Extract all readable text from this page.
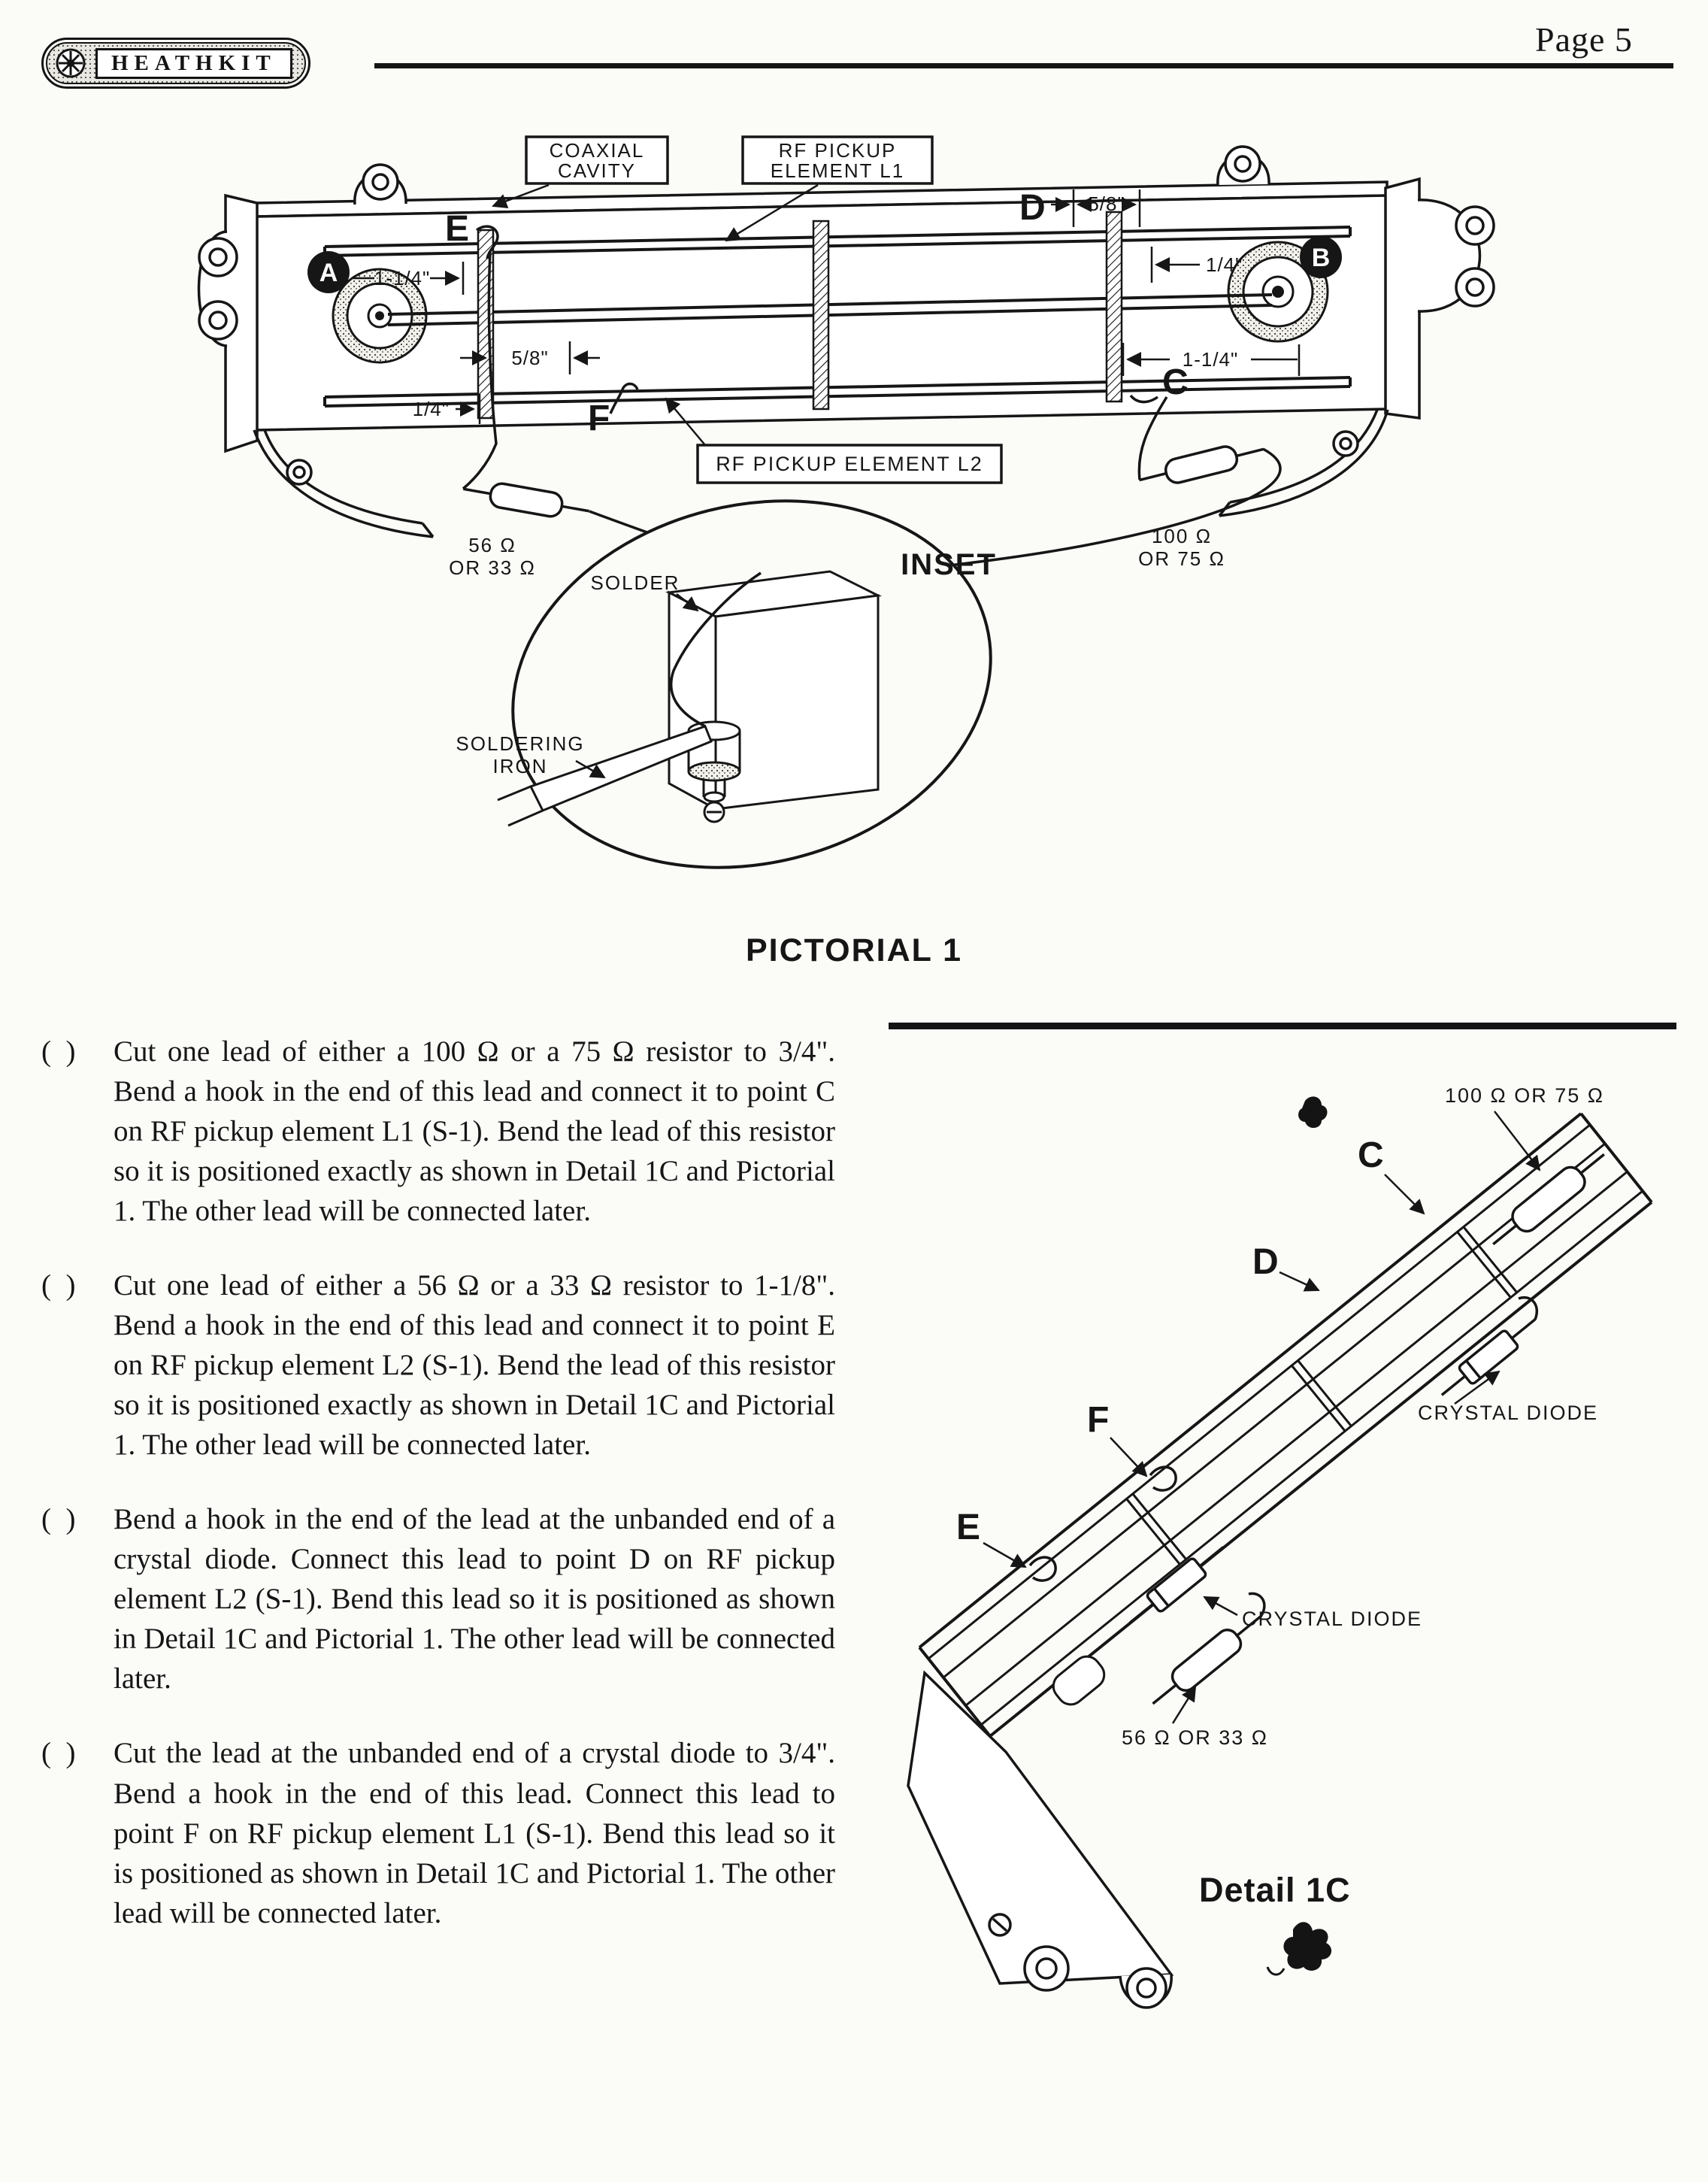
Page 5
HEATHKIT
5/8"
1/4"
1-1/4"
5/8"	1-1/4"
1/4"
E
D
C
F
A
B
56 Ω
OR 33 Ω
100 Ω
OR 75 Ω
SOLDER
SOLDERING
IRON
INSET
COAXIAL
CAVITY
RF PICKUP
ELEMENT L1
RF PICKUP ELEMENT L2
PICTORIAL 1
(  )	Cut one lead of either a 100 Ω or a 75 Ω resistor to 3/4". Bend a hook in the end of this lead and connect it to point C on RF pickup element L1 (S-1). Bend the lead of this resistor so it is positioned exactly as shown in Detail 1C and Pictorial 1. The other lead will be connected later.

(  )	Cut one lead of either a 56 Ω or a 33 Ω resistor to 1-1/8". Bend a hook in the end of this lead and connect it to point E on RF pickup element L2 (S-1). Bend the lead of this resistor so it is positioned exactly as shown in Detail 1C and Pictorial 1. The other lead will be connected later.

(  )	Bend a hook in the end of the lead at the unbanded end of a crystal diode. Connect this lead to point D on RF pickup element L2 (S-1). Bend this lead so it is positioned as shown in Detail 1C and Pictorial 1. The other lead will be connected later.

(  )	Cut the lead at the unbanded end of a crystal diode to 3/4". Bend a hook in the end of this lead. Connect this lead to point F on RF pickup element L1 (S-1). Bend this lead so it is positioned as shown in Detail 1C and Pictorial 1. The other lead will be connected later.

100 Ω OR 75 Ω
C
D
CRYSTAL DIODE
F
E
CRYSTAL DIODE
56 Ω OR 33 Ω
Detail 1C
